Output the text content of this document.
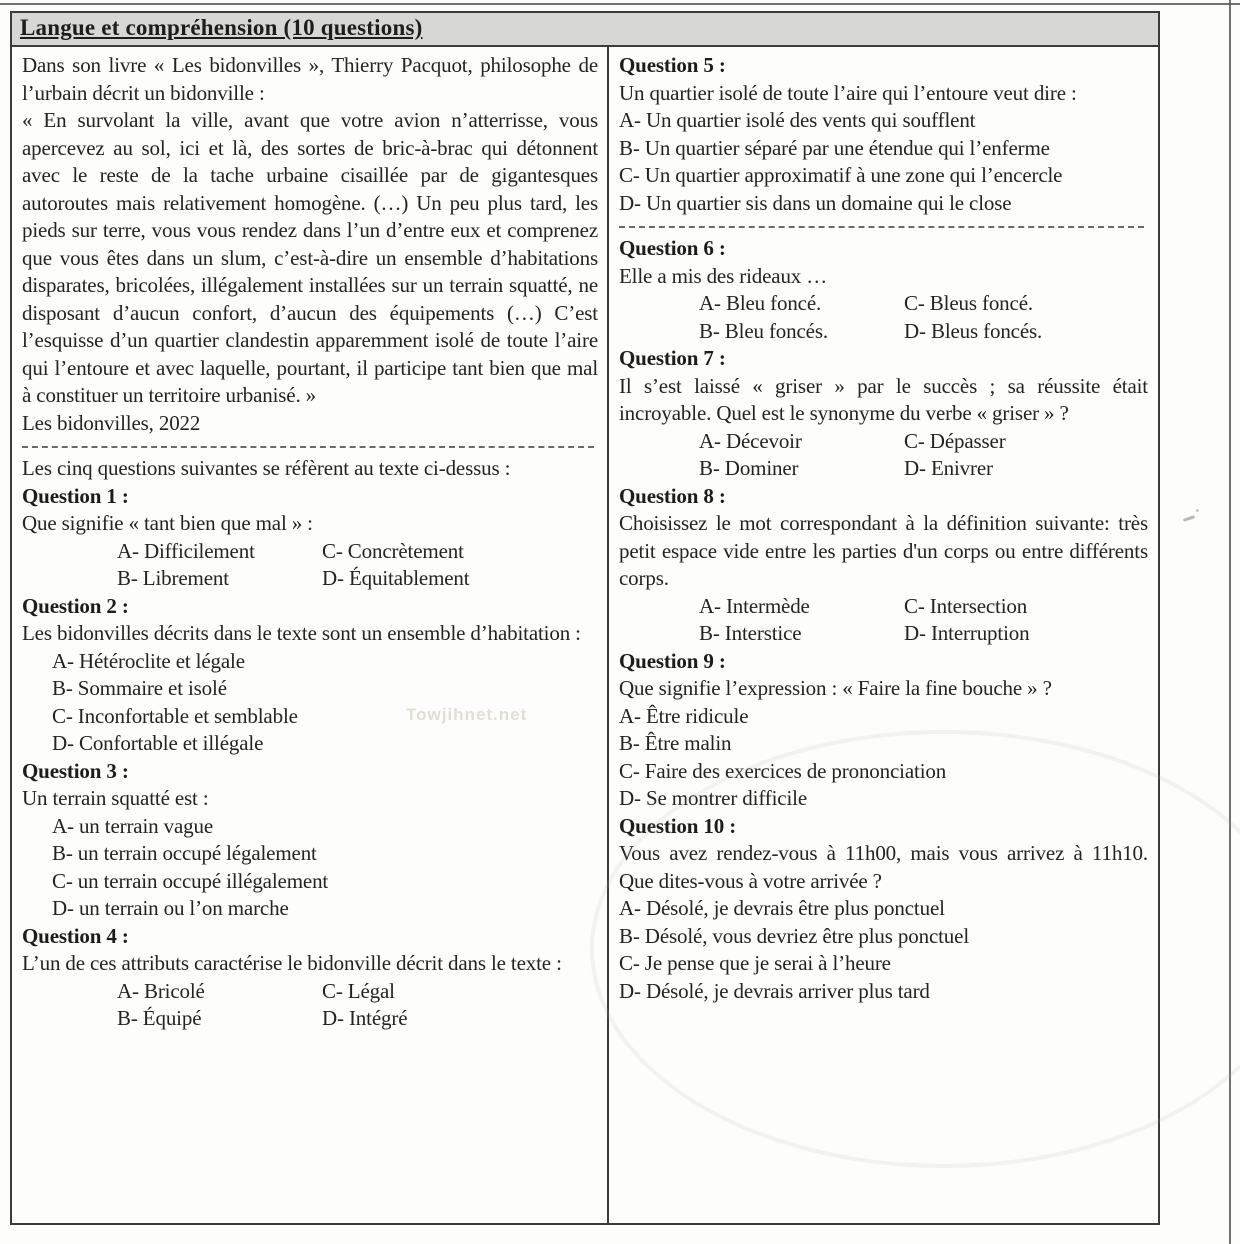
Towjihnet.net
Langue et compréhension (10 questions)

Dans son livre « Les bidonvilles », Thierry Pacquot, philosophe de l’urbain décrit un bidonville :

« En survolant la ville, avant que votre avion n’atterrisse, vous apercevez au sol, ici et là, des sortes de bric-à-brac qui détonnent avec le reste de la tache urbaine cisaillée par de gigantesques autoroutes mais relativement homogène. (…) Un peu plus tard, les pieds sur terre, vous vous rendez dans l’un d’entre eux et comprenez que vous êtes dans un slum, c’est-à-dire un ensemble d’habitations disparates, bricolées, illégalement installées sur un terrain squatté, ne disposant d’aucun confort, d’aucun des équipements (…) C’est l’esquisse d’un quartier clandestin apparemment isolé de toute l’aire qui l’entoure et avec laquelle, pourtant, il participe tant bien que mal à constituer un territoire urbanisé. »

Les bidonvilles, 2022

Les cinq questions suivantes se réfèrent au texte ci-dessus :

Question 1 :

Que signifie « tant bien que mal » :

A- Difficilement	C- Concrètement
B- Librement	D- Équitablement
Question 2 :

Les bidonvilles décrits dans le texte sont un ensemble d’habitation :

A- Hétéroclite et légale
B- Sommaire et isolé
C- Inconfortable et semblable
D- Confortable et illégale
Question 3 :

Un terrain squatté est :

A- un terrain vague
B- un terrain occupé légalement
C- un terrain occupé illégalement
D- un terrain ou l’on marche
Question 4 :

L’un de ces attributs caractérise le bidonville décrit dans le texte :

A- Bricolé	C- Légal
B- Équipé	D- Intégré
Question 5 :

Un quartier isolé de toute l’aire qui l’entoure veut dire :

A- Un quartier isolé des vents qui soufflent
B- Un quartier séparé par une étendue qui l’enferme
C- Un quartier approximatif à une zone qui l’encercle
D- Un quartier sis dans un domaine qui le close
Question 6 :

Elle a mis des rideaux …

A- Bleu foncé.	C- Bleus foncé.
B- Bleu foncés.	D- Bleus foncés.
Question 7 :

Il s’est laissé « griser » par le succès ; sa réussite était incroyable. Quel est le synonyme du verbe « griser » ?

A- Décevoir	C- Dépasser
B- Dominer	D- Enivrer
Question 8 :

Choisissez le mot correspondant à la définition suivante: très petit espace vide entre les parties d'un corps ou entre différents corps.

A- Intermède	C- Intersection
B- Interstice	D- Interruption
Question 9 :

Que signifie l’expression : « Faire la fine bouche » ?

A- Être ridicule
B- Être malin
C- Faire des exercices de prononciation
D- Se montrer difficile
Question 10 :

Vous avez rendez-vous à 11h00, mais vous arrivez à 11h10. Que dites-vous à votre arrivée ?

A- Désolé, je devrais être plus ponctuel
B- Désolé, vous devriez être plus ponctuel
C- Je pense que je serai à l’heure
D- Désolé, je devrais arriver plus tard
